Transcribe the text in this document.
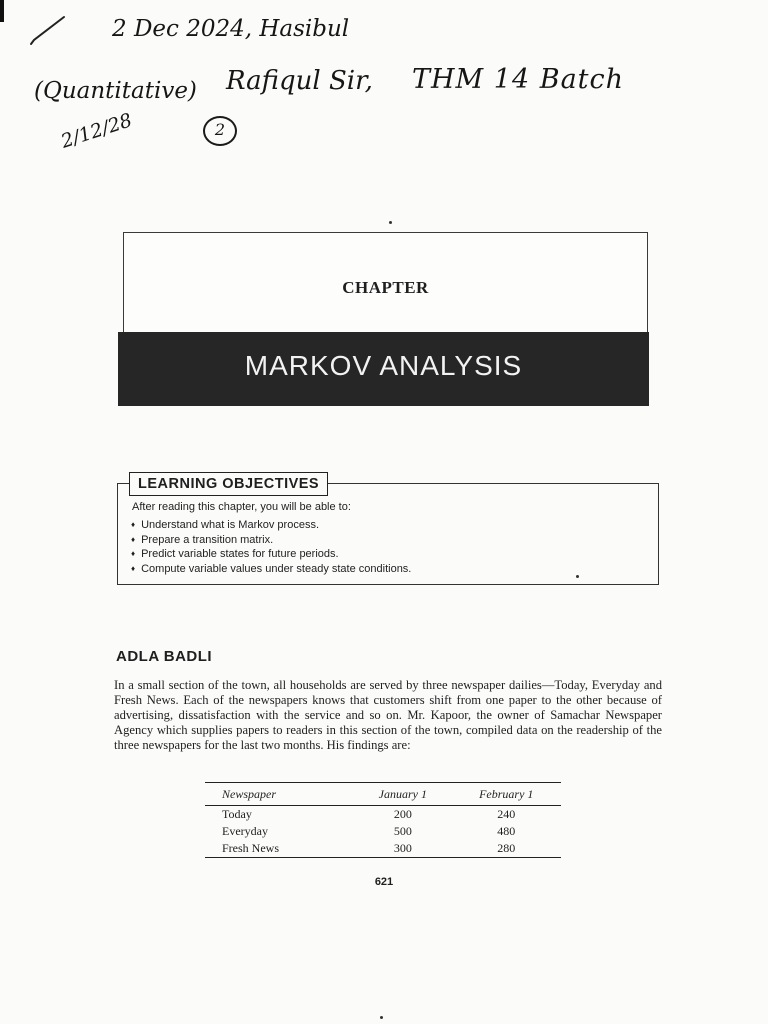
2 Dec 2024, Hasibul
(Quantitative) Rafiqul Sir, THM 14 Batch
2/12/28	2
CHAPTER
MARKOV ANALYSIS
LEARNING OBJECTIVES
After reading this chapter, you will be able to:
♦ Understand what is Markov process.
♦ Prepare a transition matrix.
♦ Predict variable states for future periods.
♦ Compute variable values under steady state conditions.
ADLA BADLI
In a small section of the town, all households are served by three newspaper dailies—Today, Everyday and Fresh News. Each of the newspapers knows that customers shift from one paper to the other because of advertising, dissatisfaction with the service and so on. Mr. Kapoor, the owner of Samachar Newspaper Agency which supplies papers to readers in this section of the town, compiled data on the readership of the three newspapers for the last two months. His findings are:
Newspaper	January 1	February 1
Today	200	240
Everyday	500	480
Fresh News	300	280
621
